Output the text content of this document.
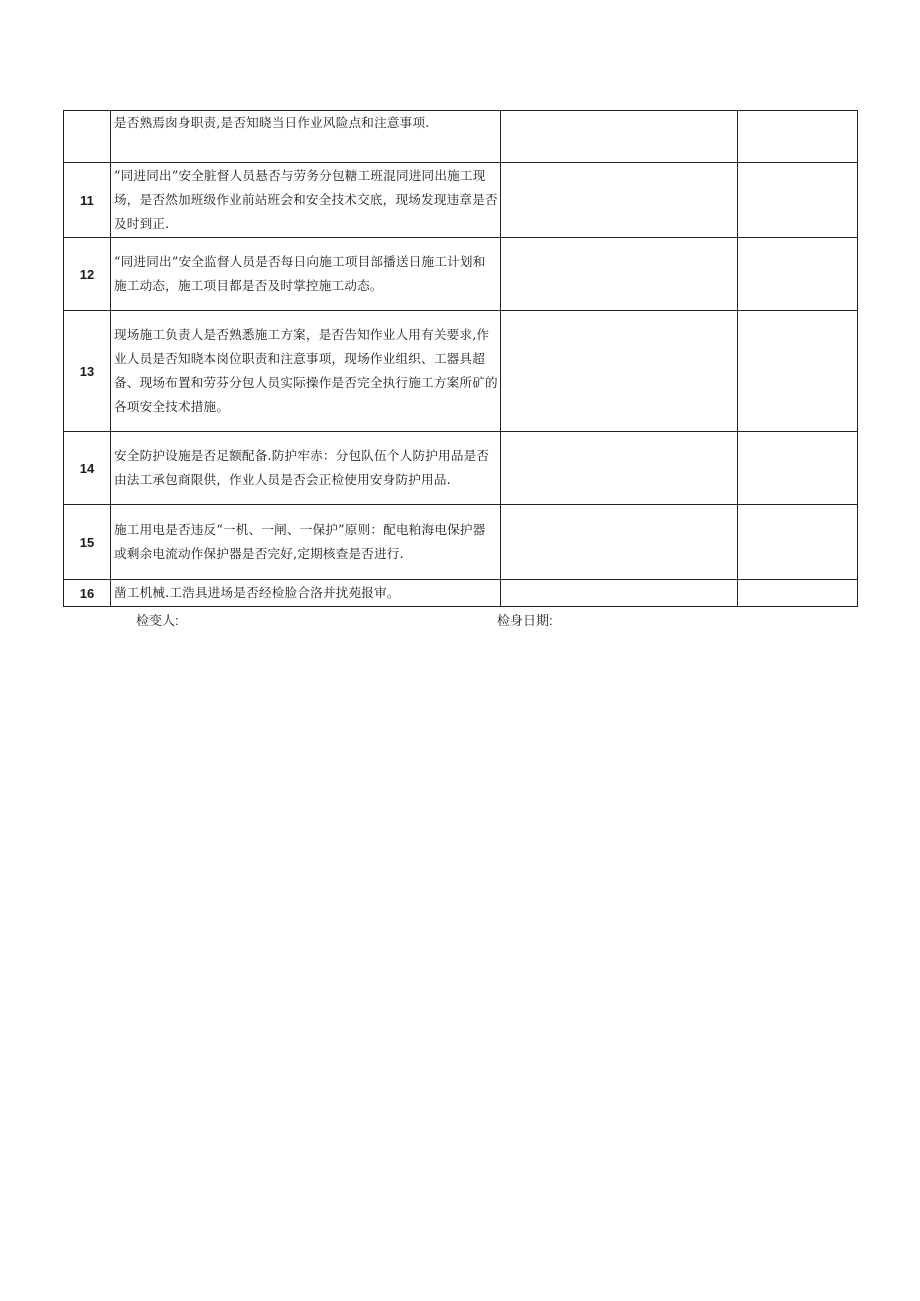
	是否熟焉囱身职责,是否知晓当日作业风险点和注意事项.		

11	“同进同出”安全脏督人员悬否与劳务分包糖工班混同进同出施工现场，是否然加班级作业前站班会和安全技术交底，现场发现违章是否及时到正.		

12	“同进同出”安全监督人员是否每日向施工项目部播送日施工计划和施工动态，施工项目都是否及时掌控施工动态。		

13	现场施工负责人是否熟悉施工方案，是否告知作业人用有关要求,作业人员是否知晓本岗位职责和注意事项，现场作业组织、工器具超备、现场布置和劳芬分包人员实际操作是否完全执行施工方案所矿的各项安全技术措施。		

14	安全防护设施是否足额配备.防护牢赤：分包队伍个人防护用品是否由法工承包商限供，作业人员是否会正检使用安身防护用品.		

15	施工用电是否违反“一机、一闸、一保护”原则：配电粕海电保护器或剩余电流动作保护器是否完好,定期核查是否进行.		

16	凿工机械.工浩具进场是否经检脸合洛并扰苑报审。		

检变人:	检身日期:
